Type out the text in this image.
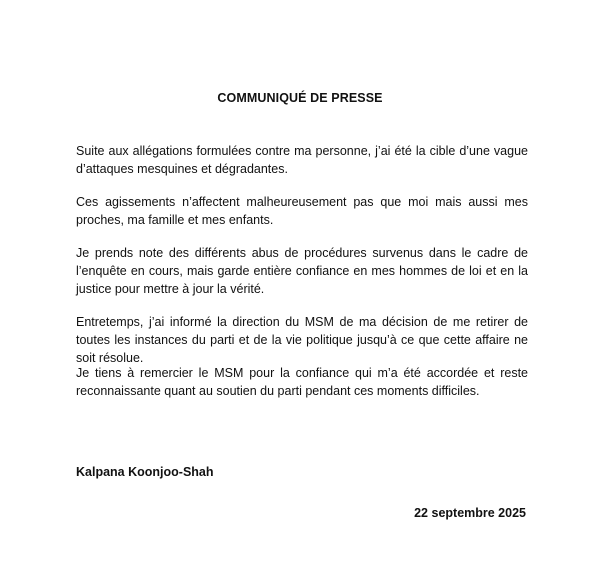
COMMUNIQUÉ DE PRESSE

Suite aux allégations formulées contre ma personne, j’ai été la cible d’une vague d’attaques mesquines et dégradantes.

Ces agissements n’affectent malheureusement pas que moi mais aussi mes proches, ma famille et mes enfants.

Je prends note des différents abus de procédures survenus dans le cadre de l’enquête en cours, mais garde entière confiance en mes hommes de loi et en la justice pour mettre à jour la vérité.

Entretemps, j’ai informé la direction du MSM de ma décision de me retirer de toutes les instances du parti et de la vie politique jusqu’à ce que cette affaire ne soit résolue.

Je tiens à remercier le MSM pour la confiance qui m’a été accordée et reste reconnaissante quant au soutien du parti pendant ces moments difficiles.

Kalpana Koonjoo-Shah
22 septembre 2025
